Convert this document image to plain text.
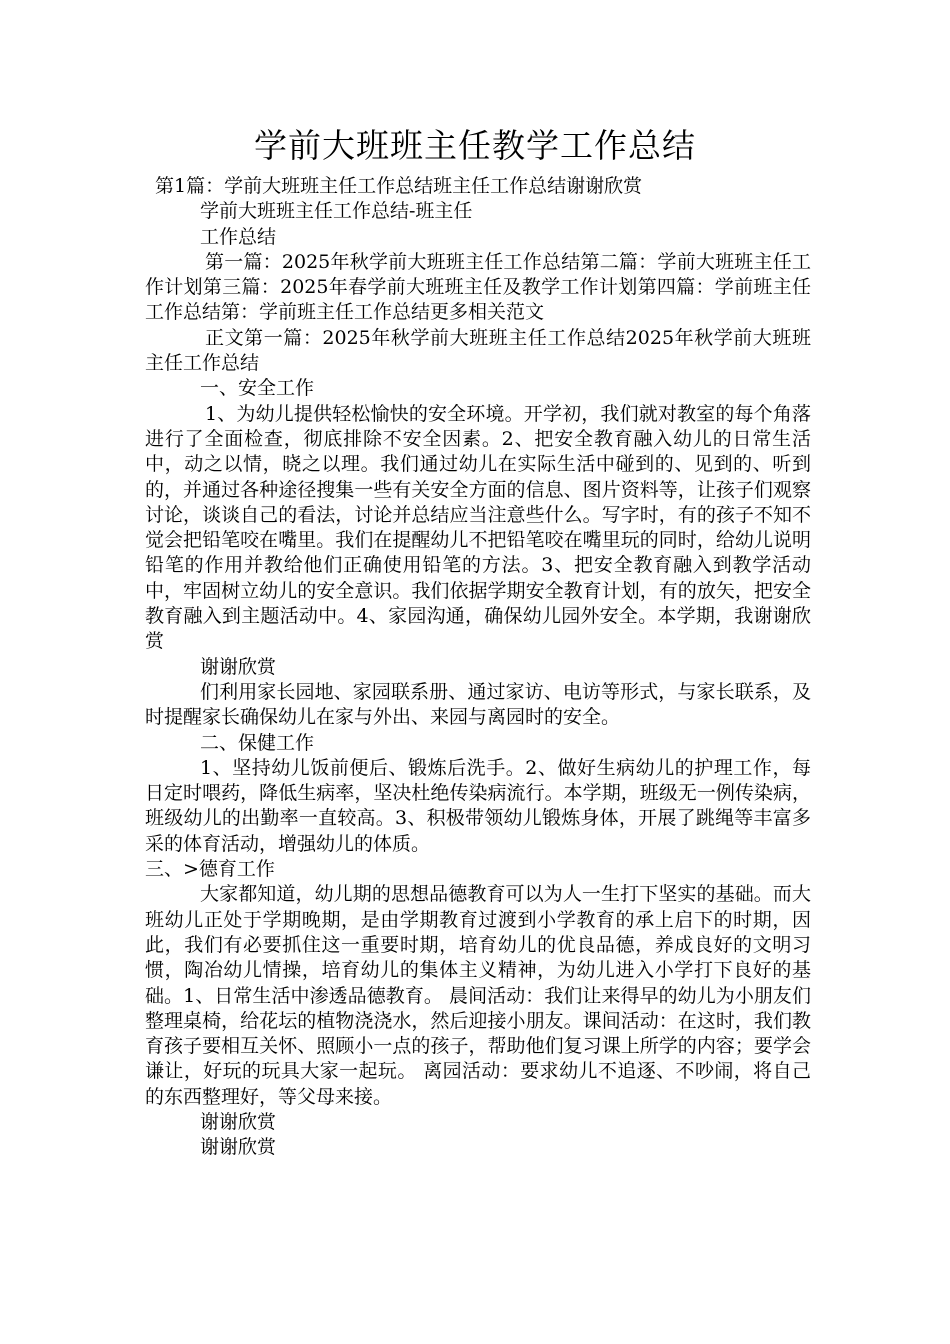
学前大班班主任教学工作总结

第1篇：学前大班班主任工作总结班主任工作总结谢谢欣赏

学前大班班主任工作总结-班主任

工作总结

第一篇：2025年秋学前大班班主任工作总结第二篇：学前大班班主任工作计划第三篇：2025年春学前大班班主任及教学工作计划第四篇：学前班主任工作总结第：学前班主任工作总结更多相关范文

正文第一篇：2025年秋学前大班班主任工作总结2025年秋学前大班班主任工作总结

一、安全工作

1、为幼儿提供轻松愉快的安全环境。开学初，我们就对教室的每个角落进行了全面检查，彻底排除不安全因素。2、把安全教育融入幼儿的日常生活中，动之以情，晓之以理。我们通过幼儿在实际生活中碰到的、见到的、听到的，并通过各种途径搜集一些有关安全方面的信息、图片资料等，让孩子们观察讨论，谈谈自己的看法，讨论并总结应当注意些什么。写字时，有的孩子不知不觉会把铅笔咬在嘴里。我们在提醒幼儿不把铅笔咬在嘴里玩的同时，给幼儿说明铅笔的作用并教给他们正确使用铅笔的方法。3、把安全教育融入到教学活动中，牢固树立幼儿的安全意识。我们依据学期安全教育计划，有的放矢，把安全教育融入到主题活动中。4、家园沟通，确保幼儿园外安全。本学期，我谢谢欣赏

谢谢欣赏

们利用家长园地、家园联系册、通过家访、电访等形式，与家长联系，及时提醒家长确保幼儿在家与外出、来园与离园时的安全。

二、保健工作

1、坚持幼儿饭前便后、锻炼后洗手。2、做好生病幼儿的护理工作，每日定时喂药，降低生病率，坚决杜绝传染病流行。本学期，班级无一例传染病，班级幼儿的出勤率一直较高。3、积极带领幼儿锻炼身体，开展了跳绳等丰富多采的体育活动，增强幼儿的体质。

三、>德育工作

大家都知道，幼儿期的思想品德教育可以为人一生打下坚实的基础。而大班幼儿正处于学期晚期，是由学期教育过渡到小学教育的承上启下的时期，因此，我们有必要抓住这一重要时期，培育幼儿的优良品德，养成良好的文明习惯，陶冶幼儿情操，培育幼儿的集体主义精神，为幼儿进入小学打下良好的基础。1、日常生活中渗透品德教育。 晨间活动：我们让来得早的幼儿为小朋友们整理桌椅，给花坛的植物浇浇水，然后迎接小朋友。课间活动：在这时，我们教育孩子要相互关怀、照顾小一点的孩子，帮助他们复习课上所学的内容；要学会谦让，好玩的玩具大家一起玩。 离园活动：要求幼儿不追逐、不吵闹，将自己的东西整理好，等父母来接。

谢谢欣赏

谢谢欣赏
